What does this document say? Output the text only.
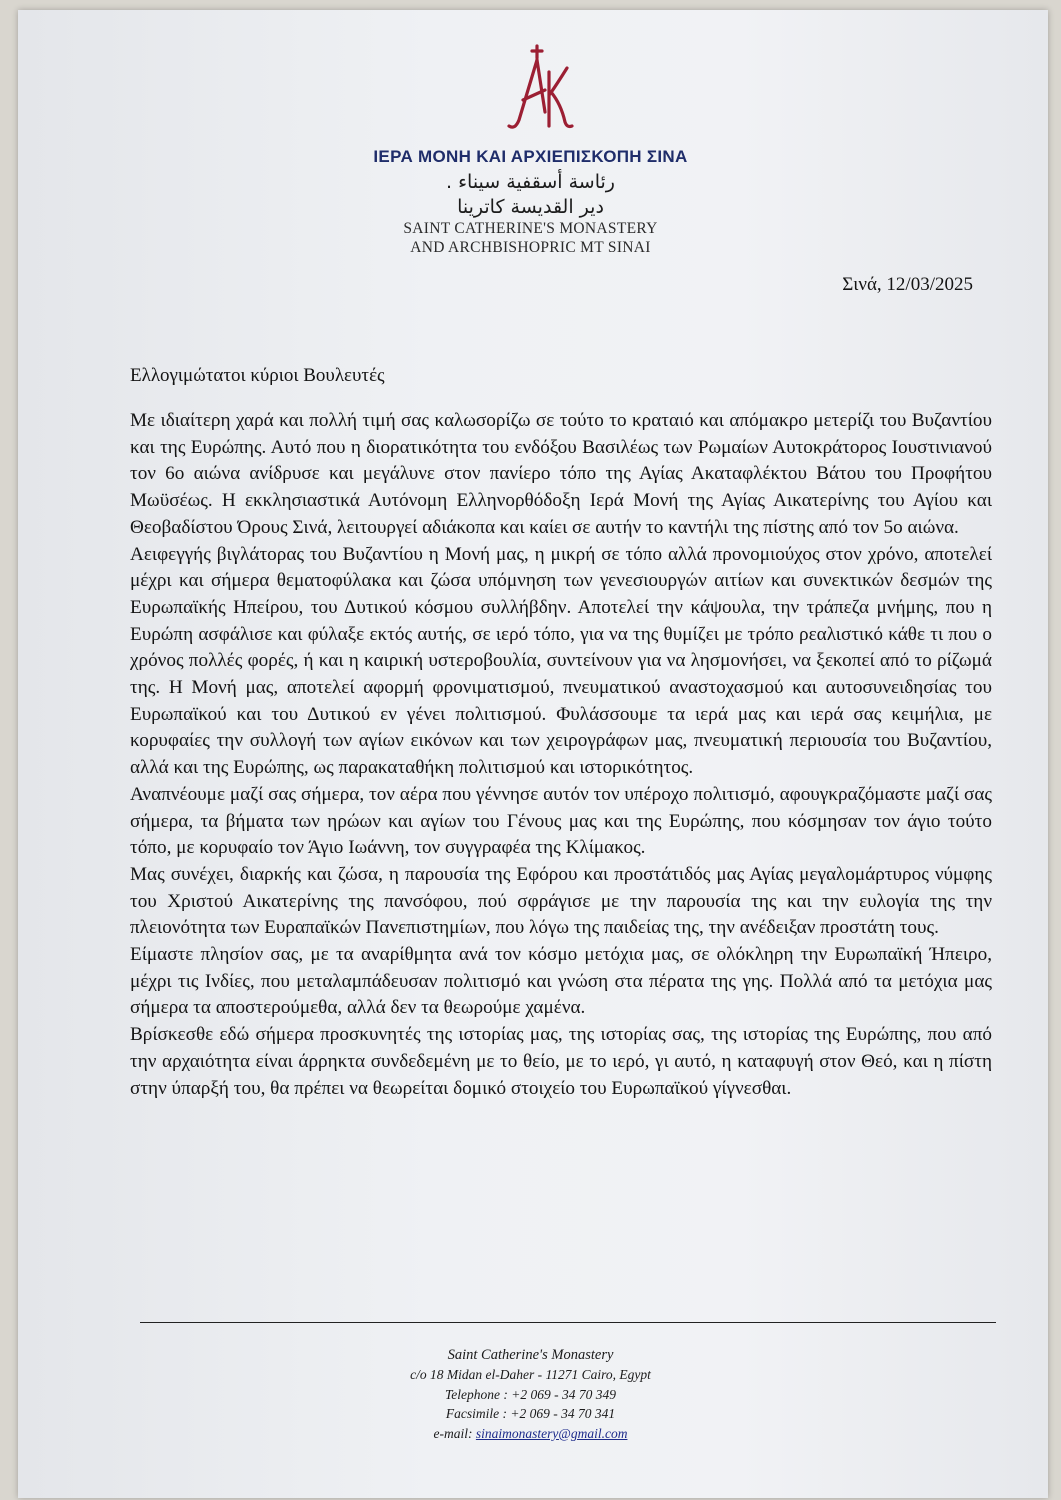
ΙΕΡΑ ΜΟΝΗ ΚΑΙ ΑΡΧΙΕΠΙΣΚΟΠΗ ΣΙΝΑ
رئاسة أسقفية سيناء .
دير القديسة كاترينا
SAINT CATHERINE'S MONASTERY
AND ARCHBISHOPRIC MT SINAI
Σινά, 12/03/2025
Ελλογιμώτατοι κύριοι Βουλευτές

Με ιδιαίτερη χαρά και πολλή τιμή σας καλωσορίζω σε τούτο το κραταιό και απόμακρο μετερίζι του Βυζαντίου και της Ευρώπης. Αυτό που η διορατικότητα του ενδόξου Βασιλέως των Ρωμαίων Αυτοκράτορος Ιουστινιανού τον 6ο αιώνα ανίδρυσε και μεγάλυνε στον πανίερο τόπο της Αγίας Ακαταφλέκτου Βάτου του Προφήτου Μωϋσέως. Η εκκλησιαστικά Αυτόνομη Ελληνορθόδοξη Ιερά Μονή της Αγίας Αικατερίνης του Αγίου και Θεοβαδίστου Όρους Σινά, λειτουργεί αδιάκοπα και καίει σε αυτήν το καντήλι της πίστης από τον 5ο αιώνα.

Αειφεγγής βιγλάτορας του Βυζαντίου η Μονή μας, η μικρή σε τόπο αλλά προνομιούχος στον χρόνο, αποτελεί μέχρι και σήμερα θεματοφύλακα και ζώσα υπόμνηση των γενεσιουργών αιτίων και συνεκτικών δεσμών της Ευρωπαϊκής Ηπείρου, του Δυτικού κόσμου συλλήβδην. Αποτελεί την κάψουλα, την τράπεζα μνήμης, που η Ευρώπη ασφάλισε και φύλαξε εκτός αυτής, σε ιερό τόπο, για να της θυμίζει με τρόπο ρεαλιστικό κάθε τι που ο χρόνος πολλές φορές, ή και η καιρική υστεροβουλία, συντείνουν για να λησμονήσει, να ξεκοπεί από το ρίζωμά της. Η Μονή μας, αποτελεί αφορμή φρονιματισμού, πνευματικού αναστοχασμού και αυτοσυνειδησίας του Ευρωπαϊκού και του Δυτικού εν γένει πολιτισμού. Φυλάσσουμε τα ιερά μας και ιερά σας κειμήλια, με κορυφαίες την συλλογή των αγίων εικόνων και των χειρογράφων μας, πνευματική περιουσία του Βυζαντίου, αλλά και της Ευρώπης, ως παρακαταθήκη πολιτισμού και ιστορικότητος.

Αναπνέουμε μαζί σας σήμερα, τον αέρα που γέννησε αυτόν τον υπέροχο πολιτισμό, αφουγκραζόμαστε μαζί σας σήμερα, τα βήματα των ηρώων και αγίων του Γένους μας και της Ευρώπης, που κόσμησαν τον άγιο τούτο τόπο, με κορυφαίο τον Άγιο Ιωάννη, τον συγγραφέα της Κλίμακος.

Μας συνέχει, διαρκής και ζώσα, η παρουσία της Εφόρου και προστάτιδός μας Αγίας μεγαλομάρτυρος νύμφης του Χριστού Αικατερίνης της πανσόφου, πού σφράγισε με την παρουσία της και την ευλογία της την πλειονότητα των Ευραπαϊκών Πανεπιστημίων, που λόγω της παιδείας της, την ανέδειξαν προστάτη τους.

Είμαστε πλησίον σας, με τα αναρίθμητα ανά τον κόσμο μετόχια μας, σε ολόκληρη την Ευρωπαϊκή Ήπειρο, μέχρι τις Ινδίες, που μεταλαμπάδευσαν πολιτισμό και γνώση στα πέρατα της γης. Πολλά από τα μετόχια μας σήμερα τα αποστερούμεθα, αλλά δεν τα θεωρούμε χαμένα.

Βρίσκεσθε εδώ σήμερα προσκυνητές της ιστορίας μας, της ιστορίας σας, της ιστορίας της Ευρώπης, που από την αρχαιότητα είναι άρρηκτα συνδεδεμένη με το θείο, με το ιερό, γι αυτό, η καταφυγή στον Θεό, και η πίστη στην ύπαρξή του, θα πρέπει να θεωρείται δομικό στοιχείο του Ευρωπαϊκού γίγνεσθαι.

Saint Catherine's Monastery
c/o 18 Midan el-Daher - 11271 Cairo, Egypt
Telephone : +2 069 - 34 70 349
Facsimile : +2 069 - 34 70 341
e-mail: sinaimonastery@gmail.com
